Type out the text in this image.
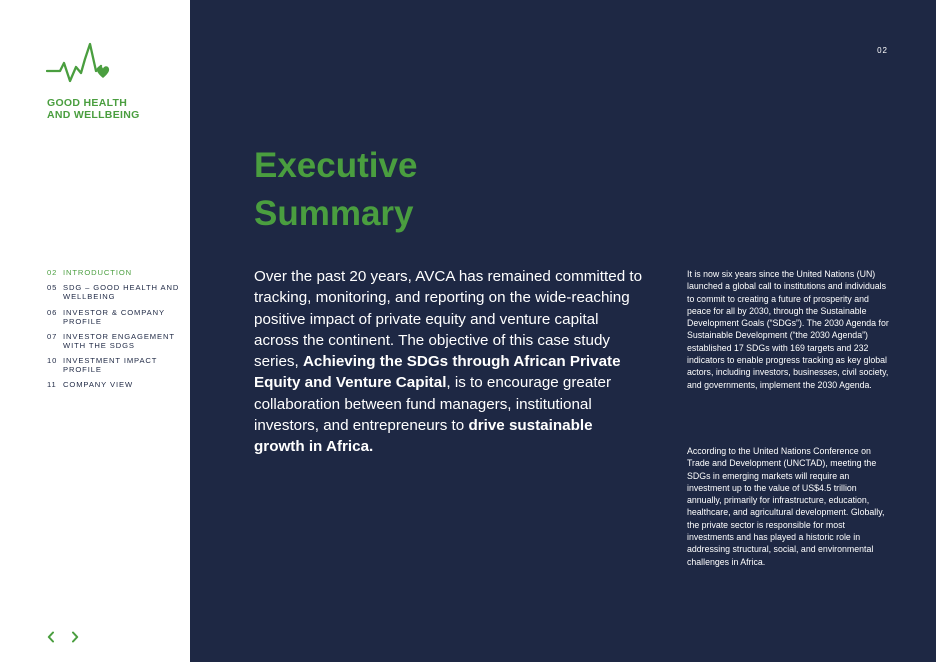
GOOD HEALTH
AND WELLBEING
02 INTRODUCTION
05 SDG – GOOD HEALTH AND WELLBEING
06 INVESTOR & COMPANY PROFILE
07 INVESTOR ENGAGEMENT WITH THE SDGS
10 INVESTMENT IMPACT PROFILE
11 COMPANY VIEW
02
Executive
Summary

Over the past 20 years, AVCA has remained committed to tracking, monitoring, and reporting on the wide-reaching positive impact of private equity and venture capital across the continent. The objective of this case study series, Achieving the SDGs through African Private Equity and Venture Capital, is to encourage greater collaboration between fund managers, institutional investors, and entrepreneurs to drive sustainable growth in Africa.

It is now six years since the United Nations (UN) launched a global call to institutions and individuals to commit to creating a future of prosperity and peace for all by 2030, through the Sustainable Development Goals (“SDGs”). The 2030 Agenda for Sustainable Development (“the 2030 Agenda”) established 17 SDGs with 169 targets and 232 indicators to enable progress tracking as key global actors, including investors, businesses, civil society, and governments, implement the 2030 Agenda.

According to the United Nations Conference on Trade and Development (UNCTAD), meeting the SDGs in emerging markets will require an investment up to the value of US$4.5 trillion annually, primarily for infrastructure, education, healthcare, and agricultural development. Globally, the private sector is responsible for most investments and has played a historic role in addressing structural, social, and environmental challenges in Africa.
